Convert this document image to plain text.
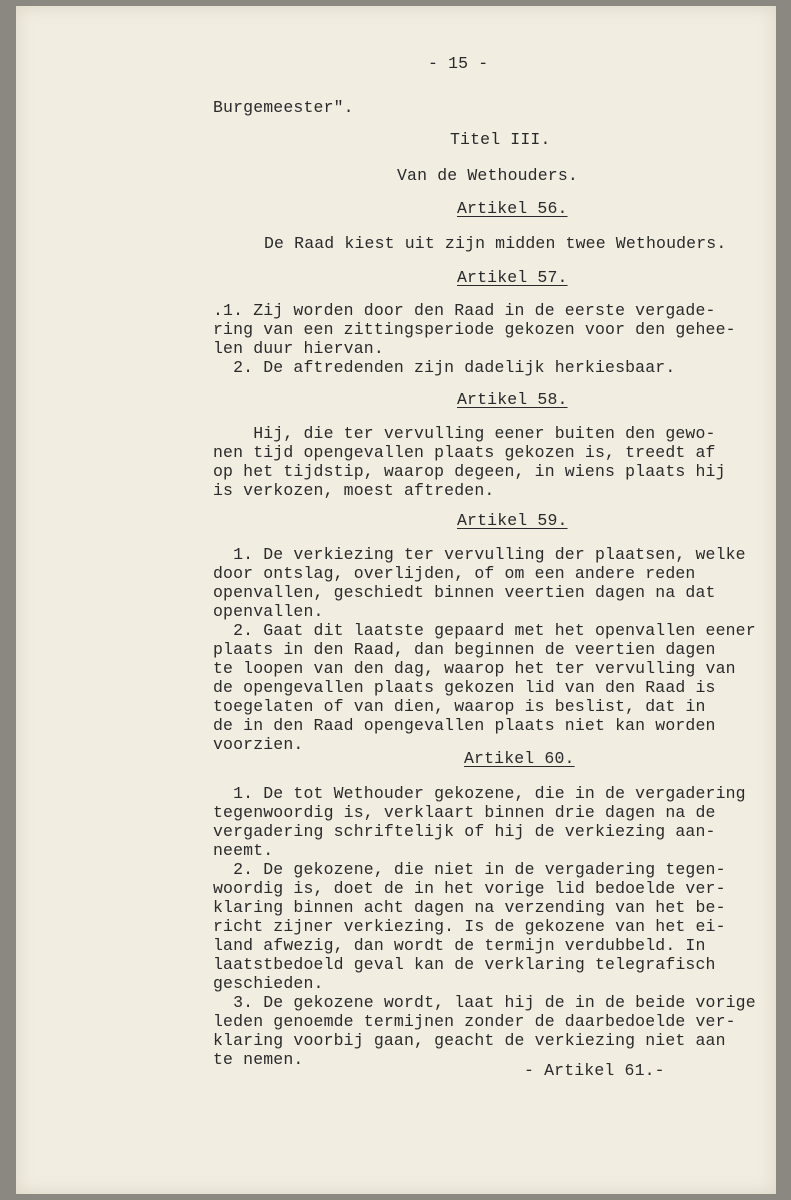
- 15 -
Burgemeester".
Titel III.
Van de Wethouders.
Artikel 56.
De Raad kiest uit zijn midden twee Wethouders.
Artikel 57.
.1. Zij worden door den Raad in de eerste vergade-
ring van een zittingsperiode gekozen voor den gehee-
len duur hiervan.
2. De aftredenden zijn dadelijk herkiesbaar.
Artikel 58.
Hij, die ter vervulling eener buiten den gewo-
nen tijd opengevallen plaats gekozen is, treedt af
op het tijdstip, waarop degeen, in wiens plaats hij
is verkozen, moest aftreden.
Artikel 59.
1. De verkiezing ter vervulling der plaatsen, welke
door ontslag, overlijden, of om een andere reden
openvallen, geschiedt binnen veertien dagen na dat
openvallen.
2. Gaat dit laatste gepaard met het openvallen eener
plaats in den Raad, dan beginnen de veertien dagen
te loopen van den dag, waarop het ter vervulling van
de opengevallen plaats gekozen lid van den Raad is
toegelaten of van dien, waarop is beslist, dat in
de in den Raad opengevallen plaats niet kan worden
voorzien.
Artikel 60.
1. De tot Wethouder gekozene, die in de vergadering
tegenwoordig is, verklaart binnen drie dagen na de
vergadering schriftelijk of hij de verkiezing aan-
neemt.
2. De gekozene, die niet in de vergadering tegen-
woordig is, doet de in het vorige lid bedoelde ver-
klaring binnen acht dagen na verzending van het be-
richt zijner verkiezing. Is de gekozene van het ei-
land afwezig, dan wordt de termijn verdubbeld. In
laatstbedoeld geval kan de verklaring telegrafisch
geschieden.
3. De gekozene wordt, laat hij de in de beide vorige
leden genoemde termijnen zonder de daarbedoelde ver-
klaring voorbij gaan, geacht de verkiezing niet aan
te nemen.
- Artikel 61.-
